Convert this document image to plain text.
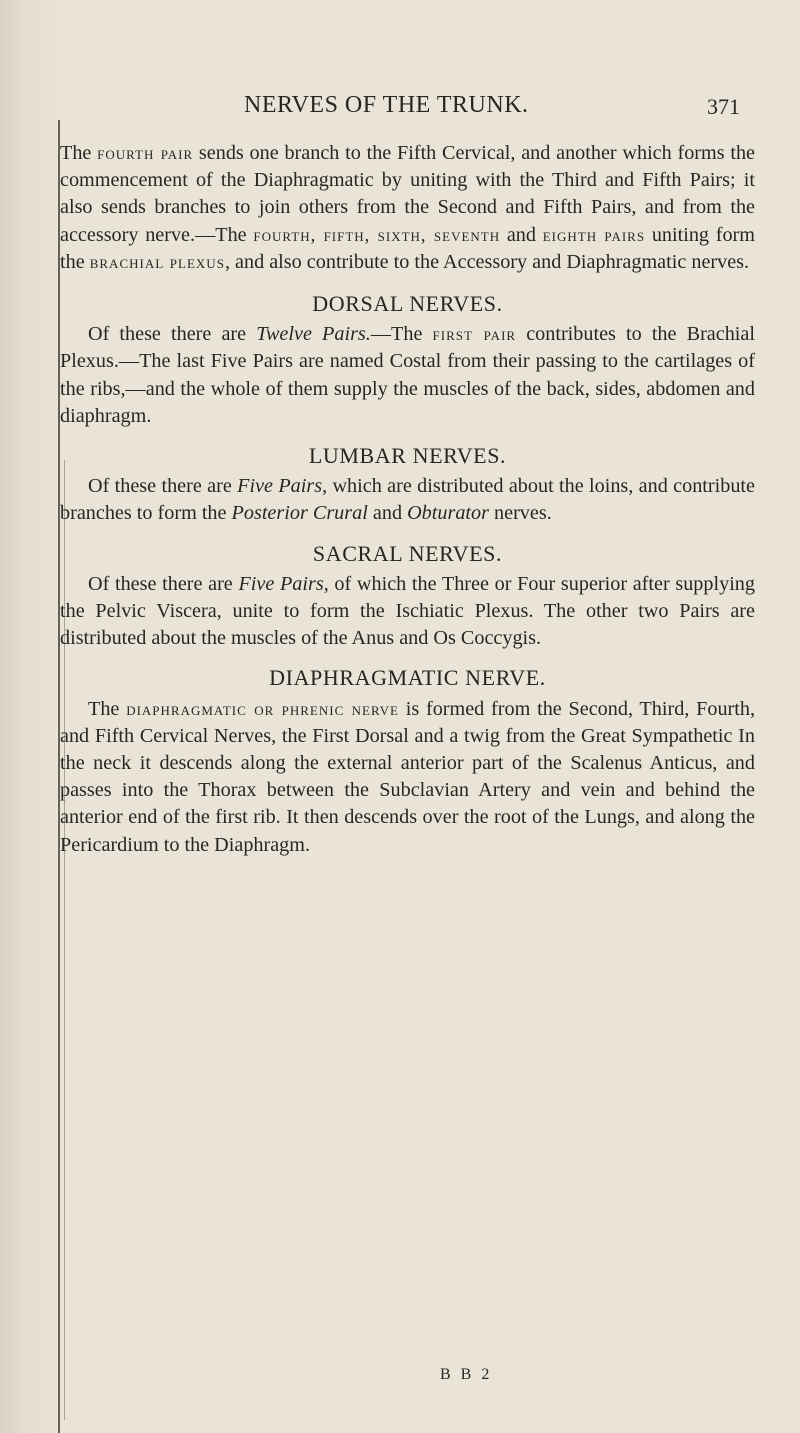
NERVES OF THE TRUNK.	371

The fourth pair sends one branch to the Fifth Cervical, and another which forms the commencement of the Diaphragmatic by uniting with the Third and Fifth Pairs; it also sends branches to join others from the Second and Fifth Pairs, and from the accessory nerve.—The fourth, fifth, sixth, seventh and eighth pairs uniting form the brachial plexus, and also contribute to the Accessory and Diaphragmatic nerves.

DORSAL NERVES.

Of these there are Twelve Pairs.—The first pair contributes to the Brachial Plexus.—The last Five Pairs are named Costal from their passing to the cartilages of the ribs,—and the whole of them supply the muscles of the back, sides, abdomen and diaphragm.

LUMBAR NERVES.

Of these there are Five Pairs, which are distributed about the loins, and contribute branches to form the Posterior Crural and Obturator nerves.

SACRAL NERVES.

Of these there are Five Pairs, of which the Three or Four superior after supplying the Pelvic Viscera, unite to form the Ischiatic Plexus. The other two Pairs are distributed about the muscles of the Anus and Os Coccygis.

DIAPHRAGMATIC NERVE.

The diaphragmatic or phrenic nerve is formed from the Second, Third, Fourth, and Fifth Cervical Nerves, the First Dorsal and a twig from the Great Sympathetic In the neck it descends along the external anterior part of the Scalenus Anticus, and passes into the Thorax between the Subclavian Artery and vein and behind the anterior end of the first rib. It then descends over the root of the Lungs, and along the Pericardium to the Diaphragm.

B B 2
